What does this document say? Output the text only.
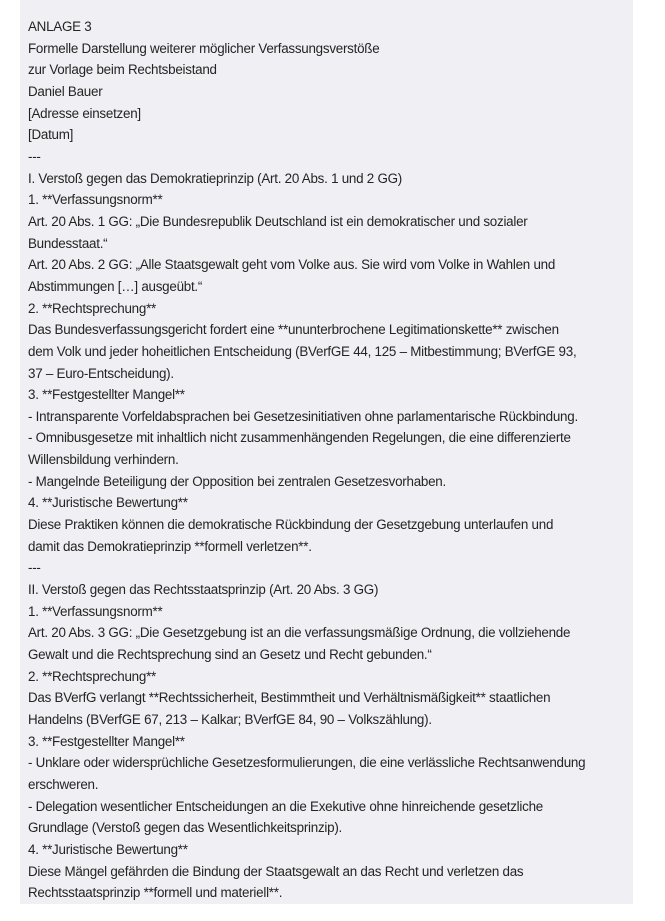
ANLAGE 3
Formelle Darstellung weiterer möglicher Verfassungsverstöße
zur Vorlage beim Rechtsbeistand
Daniel Bauer
[Adresse einsetzen]
[Datum]
---
I. Verstoß gegen das Demokratieprinzip (Art. 20 Abs. 1 und 2 GG)
1. **Verfassungsnorm**
Art. 20 Abs. 1 GG: „Die Bundesrepublik Deutschland ist ein demokratischer und sozialer
Bundesstaat.“
Art. 20 Abs. 2 GG: „Alle Staatsgewalt geht vom Volke aus. Sie wird vom Volke in Wahlen und
Abstimmungen […] ausgeübt.“
2. **Rechtsprechung**
Das Bundesverfassungsgericht fordert eine **ununterbrochene Legitimationskette** zwischen
dem Volk und jeder hoheitlichen Entscheidung (BVerfGE 44, 125 – Mitbestimmung; BVerfGE 93,
37 – Euro-Entscheidung).
3. **Festgestellter Mangel**
- Intransparente Vorfeldabsprachen bei Gesetzesinitiativen ohne parlamentarische Rückbindung.
- Omnibusgesetze mit inhaltlich nicht zusammenhängenden Regelungen, die eine differenzierte
Willensbildung verhindern.
- Mangelnde Beteiligung der Opposition bei zentralen Gesetzesvorhaben.
4. **Juristische Bewertung**
Diese Praktiken können die demokratische Rückbindung der Gesetzgebung unterlaufen und
damit das Demokratieprinzip **formell verletzen**.
---
II. Verstoß gegen das Rechtsstaatsprinzip (Art. 20 Abs. 3 GG)
1. **Verfassungsnorm**
Art. 20 Abs. 3 GG: „Die Gesetzgebung ist an die verfassungsmäßige Ordnung, die vollziehende
Gewalt und die Rechtsprechung sind an Gesetz und Recht gebunden.“
2. **Rechtsprechung**
Das BVerfG verlangt **Rechtssicherheit, Bestimmtheit und Verhältnismäßigkeit** staatlichen
Handelns (BVerfGE 67, 213 – Kalkar; BVerfGE 84, 90 – Volkszählung).
3. **Festgestellter Mangel**
- Unklare oder widersprüchliche Gesetzesformulierungen, die eine verlässliche Rechtsanwendung
erschweren.
- Delegation wesentlicher Entscheidungen an die Exekutive ohne hinreichende gesetzliche
Grundlage (Verstoß gegen das Wesentlichkeitsprinzip).
4. **Juristische Bewertung**
Diese Mängel gefährden die Bindung der Staatsgewalt an das Recht und verletzen das
Rechtsstaatsprinzip **formell und materiell**.
